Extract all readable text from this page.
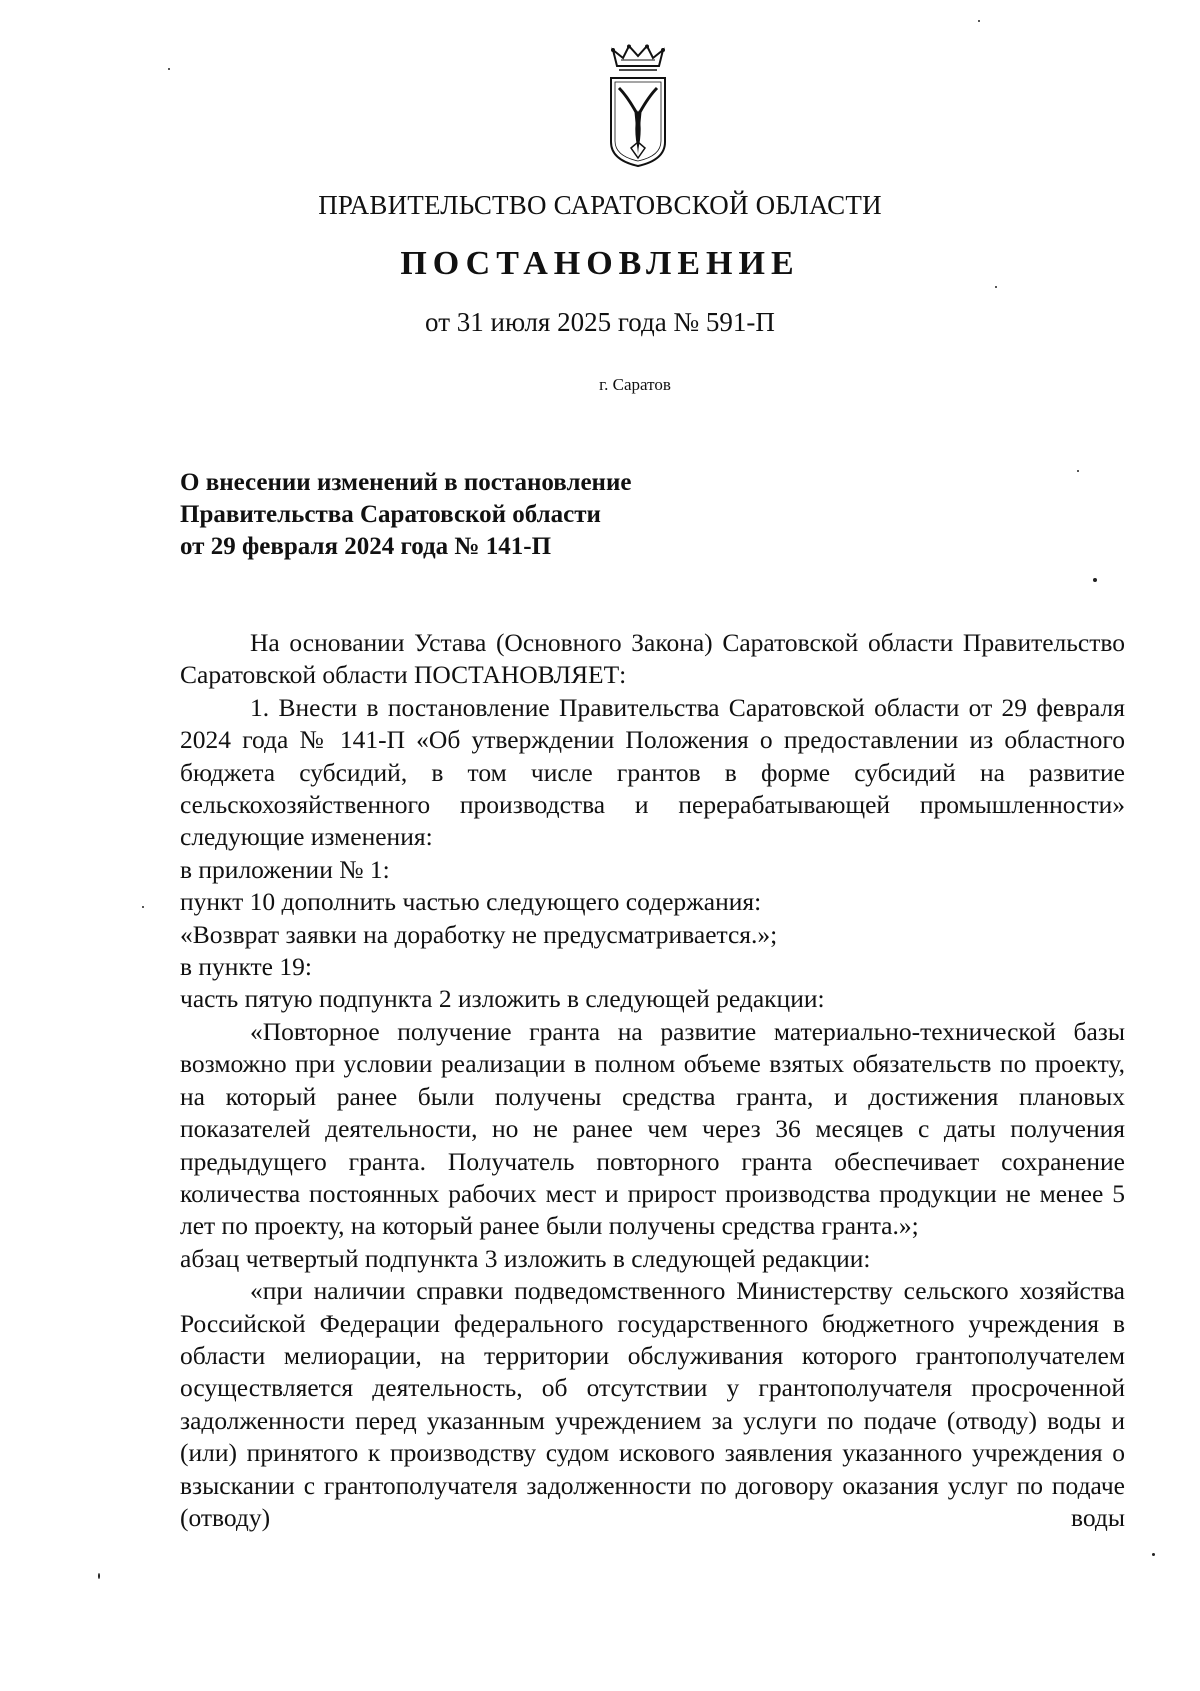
ПРАВИТЕЛЬСТВО САРАТОВСКОЙ ОБЛАСТИ
ПОСТАНОВЛЕНИЕ
от 31 июля 2025 года № 591-П
г. Саратов
О внесении изменений в постановление
Правительства Саратовской области
от 29 февраля 2024 года № 141-П

На основании Устава (Основного Закона) Саратовской области Правительство Саратовской области ПОСТАНОВЛЯЕТ:

1. Внести в постановление Правительства Саратовской области от 29 февраля 2024 года № 141-П «Об утверждении Положения о предоставлении из областного бюджета субсидий, в том числе грантов в форме субсидий на развитие сельскохозяйственного производства и перерабатывающей промышленности» следующие изменения:

в приложении № 1:

пункт 10 дополнить частью следующего содержания:

«Возврат заявки на доработку не предусматривается.»;

в пункте 19:

часть пятую подпункта 2 изложить в следующей редакции:

«Повторное получение гранта на развитие материально-технической базы возможно при условии реализации в полном объеме взятых обязательств по проекту, на который ранее были получены средства гранта, и достижения плановых показателей деятельности, но не ранее чем через 36 месяцев с даты получения предыдущего гранта. Получатель повторного гранта обеспечивает сохранение количества постоянных рабочих мест и прирост производства продукции не менее 5 лет по проекту, на который ранее были получены средства гранта.»;

абзац четвертый подпункта 3 изложить в следующей редакции:

«при наличии справки подведомственного Министерству сельского хозяйства Российской Федерации федерального государственного бюджетного учреждения в области мелиорации, на территории обслуживания которого грантополучателем осуществляется деятельность, об отсутствии у грантополучателя просроченной задолженности перед указанным учреждением за услуги по подаче (отводу) воды и (или) принятого к производству судом искового заявления указанного учреждения о взыскании с грантополучателя задолженности по договору оказания услуг по подаче (отводу) воды
